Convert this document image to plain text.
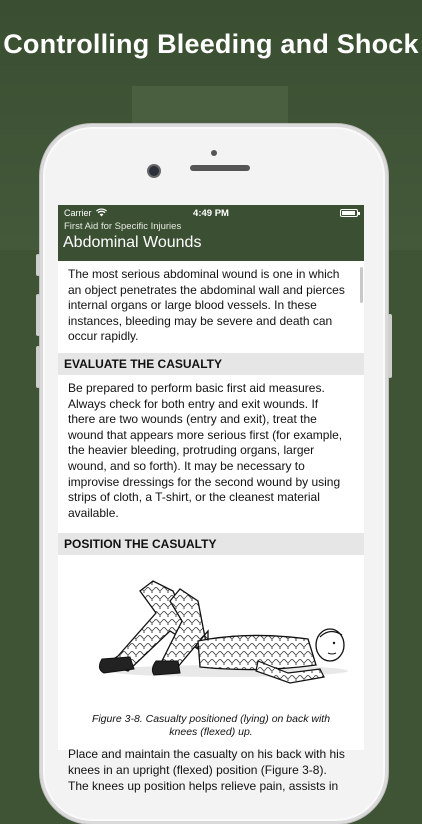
Controlling Bleeding and Shock
Carrier	4:49 PM
First Aid for Specific Injuries
Abdominal Wounds

The most serious abdominal wound is one in which an object penetrates the abdominal wall and pierces internal organs or large blood vessels. In these instances, bleeding may be severe and death can occur rapidly.

EVALUATE THE CASUALTY

Be prepared to perform basic first aid measures. Always check for both entry and exit wounds. If there are two wounds (entry and exit), treat the wound that appears more serious first (for example, the heavier bleeding, protruding organs, larger wound, and so forth). It may be necessary to improvise dressings for the second wound by using strips of cloth, a T-shirt, or the cleanest material available.

POSITION THE CASUALTY

Figure 3-8. Casualty positioned (lying) on back with knees (flexed) up.

Place and maintain the casualty on his back with his knees in an upright (flexed) position (Figure 3-8). The knees up position helps relieve pain, assists in
